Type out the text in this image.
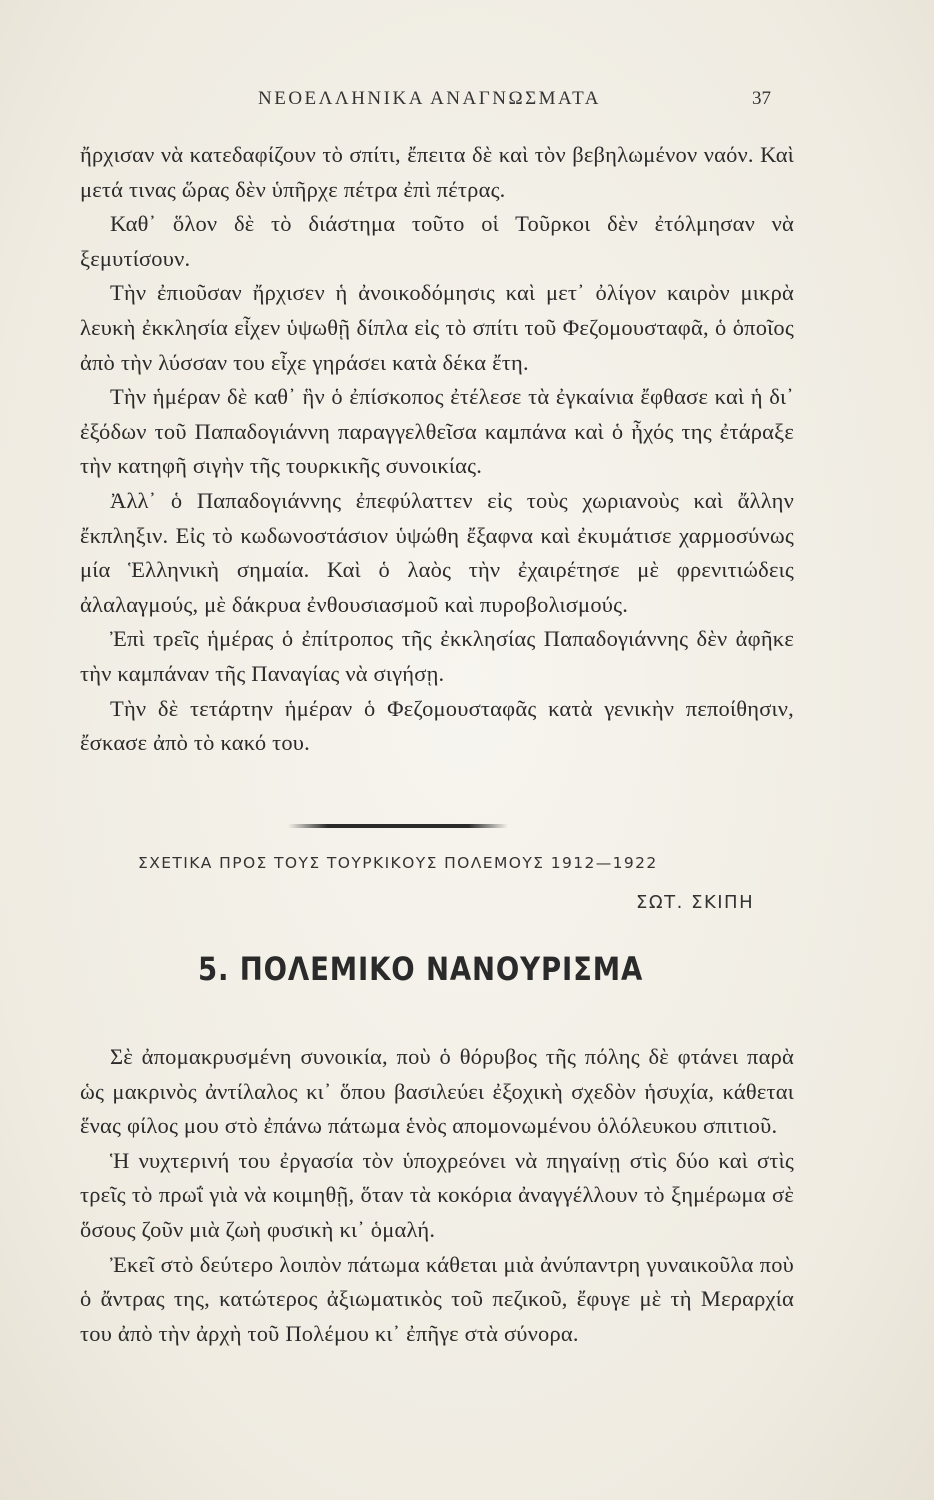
ΝΕΟΕΛΛΗΝΙΚΑ ΑΝΑΓΝΩΣΜΑΤΑ	37

ἤρχισαν νὰ κατεδαφίζουν τὸ σπίτι, ἔπειτα δὲ καὶ τὸν βεβηλωμένον ναόν. Καὶ μετά τινας ὥρας δὲν ὑπῆρχε πέτρα ἐπὶ πέτρας.

Καθ᾽ ὅλον δὲ τὸ διάστημα τοῦτο οἱ Τοῦρκοι δὲν ἐτόλμησαν νὰ ξεμυτίσουν.

Τὴν ἐπιοῦσαν ἤρχισεν ἡ ἀνοικοδόμησις καὶ μετ᾽ ὀλίγον καιρὸν μικρὰ λευκὴ ἐκκλησία εἶχεν ὑψωθῇ δίπλα εἰς τὸ σπίτι τοῦ Φεζομουσταφᾶ, ὁ ὁποῖος ἀπὸ τὴν λύσσαν του εἶχε γηράσει κατὰ δέκα ἔτη.

Τὴν ἡμέραν δὲ καθ᾽ ἣν ὁ ἐπίσκοπος ἐτέλεσε τὰ ἐγκαίνια ἔφθασε καὶ ἡ δι᾽ ἐξόδων τοῦ Παπαδογιάννη παραγγελθεῖσα καμπάνα καὶ ὁ ἦχός της ἐτάραξε τὴν κατηφῆ σιγὴν τῆς τουρκικῆς συνοικίας.

Ἀλλ᾽ ὁ Παπαδογιάννης ἐπεφύλαττεν εἰς τοὺς χωριανοὺς καὶ ἄλλην ἔκπληξιν. Εἰς τὸ κωδωνοστάσιον ὑψώθη ἔξαφνα καὶ ἐκυμάτισε χαρμοσύνως μία Ἑλληνικὴ σημαία. Καὶ ὁ λαὸς τὴν ἐχαιρέτησε μὲ φρενιτιώδεις ἀλαλαγμούς, μὲ δάκρυα ἐνθουσιασμοῦ καὶ πυροβολισμούς.

Ἐπὶ τρεῖς ἡμέρας ὁ ἐπίτροπος τῆς ἐκκλησίας Παπαδογιάννης δὲν ἀφῆκε τὴν καμπάναν τῆς Παναγίας νὰ σιγήσῃ.

Τὴν δὲ τετάρτην ἡμέραν ὁ Φεζομουσταφᾶς κατὰ γενικὴν πεποίθησιν, ἔσκασε ἀπὸ τὸ κακό του.

ΣΧΕΤΙΚΑ ΠΡΟΣ ΤΟΥΣ ΤΟΥΡΚΙΚΟΥΣ ΠΟΛΕΜΟΥΣ 1912—1922
ΣΩΤ. ΣΚΙΠΗ
5. ΠΟΛΕΜΙΚΟ ΝΑΝΟΥΡΙΣΜΑ

Σὲ ἀπομακρυσμένη συνοικία, ποὺ ὁ θόρυβος τῆς πόλης δὲ φτάνει παρὰ ὡς μακρινὸς ἀντίλαλος κι᾽ ὅπου βασιλεύει ἐξοχικὴ σχεδὸν ἡσυχία, κάθεται ἕνας φίλος μου στὸ ἐπάνω πάτωμα ἑνὸς απομονωμένου ὁλόλευκου σπιτιοῦ.

Ἡ νυχτερινή του ἐργασία τὸν ὑποχρεόνει νὰ πηγαίνῃ στὶς δύο καὶ στὶς τρεῖς τὸ πρωΐ γιὰ νὰ κοιμηθῇ, ὅταν τὰ κοκόρια ἀναγγέλλουν τὸ ξημέρωμα σὲ ὅσους ζοῦν μιὰ ζωὴ φυσικὴ κι᾽ ὁμαλή.

Ἐκεῖ στὸ δεύτερο λοιπὸν πάτωμα κάθεται μιὰ ἀνύπαντρη γυναικοῦλα ποὺ ὁ ἄντρας της, κατώτερος ἀξιωματικὸς τοῦ πεζικοῦ, ἔφυγε μὲ τὴ Μεραρχία του ἀπὸ τὴν ἀρχὴ τοῦ Πολέμου κι᾽ ἐπῆγε στὰ σύνορα.
